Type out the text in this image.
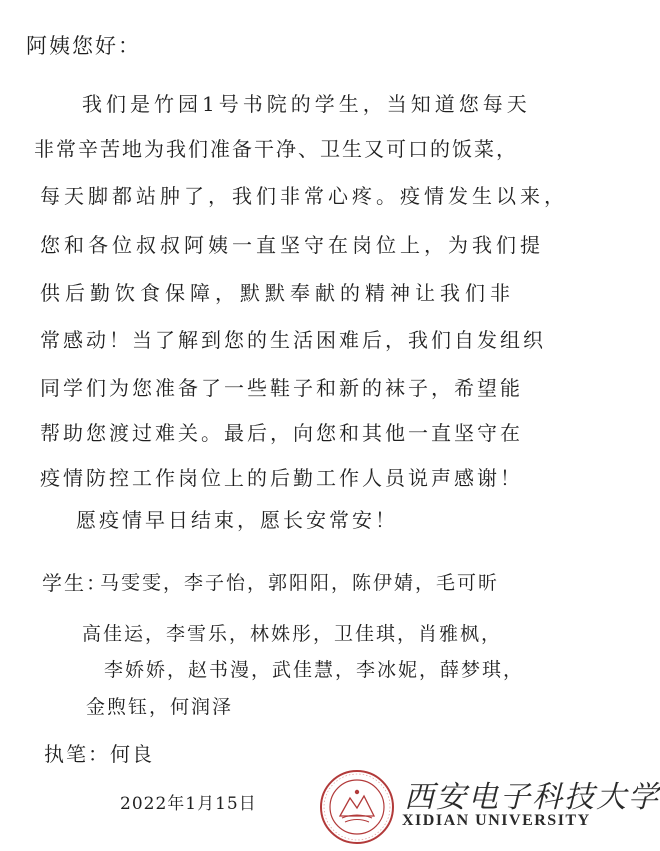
阿姨您好：
我们是竹园1号书院的学生，当知道您每天
非常辛苦地为我们准备干净、卫生又可口的饭菜，
每天脚都站肿了，我们非常心疼。疫情发生以来，
您和各位叔叔阿姨一直坚守在岗位上，为我们提
供后勤饮食保障，默默奉献的精神让我们非
常感动！当了解到您的生活困难后，我们自发组织
同学们为您准备了一些鞋子和新的袜子，希望能
帮助您渡过难关。最后，向您和其他一直坚守在
疫情防控工作岗位上的后勤工作人员说声感谢！
愿疫情早日结束，愿长安常安！
学生：
马雯雯，李子怡，郭阳阳，陈伊婧，毛可昕
高佳运，李雪乐，林姝彤，卫佳琪，肖雅枫，
李娇娇，赵书漫，武佳慧，李冰妮，薛梦琪，
金煦钰，何润泽
执笔：何良
2022年1月15日	西安电子科技大学
XIDIAN UNIVERSITY
